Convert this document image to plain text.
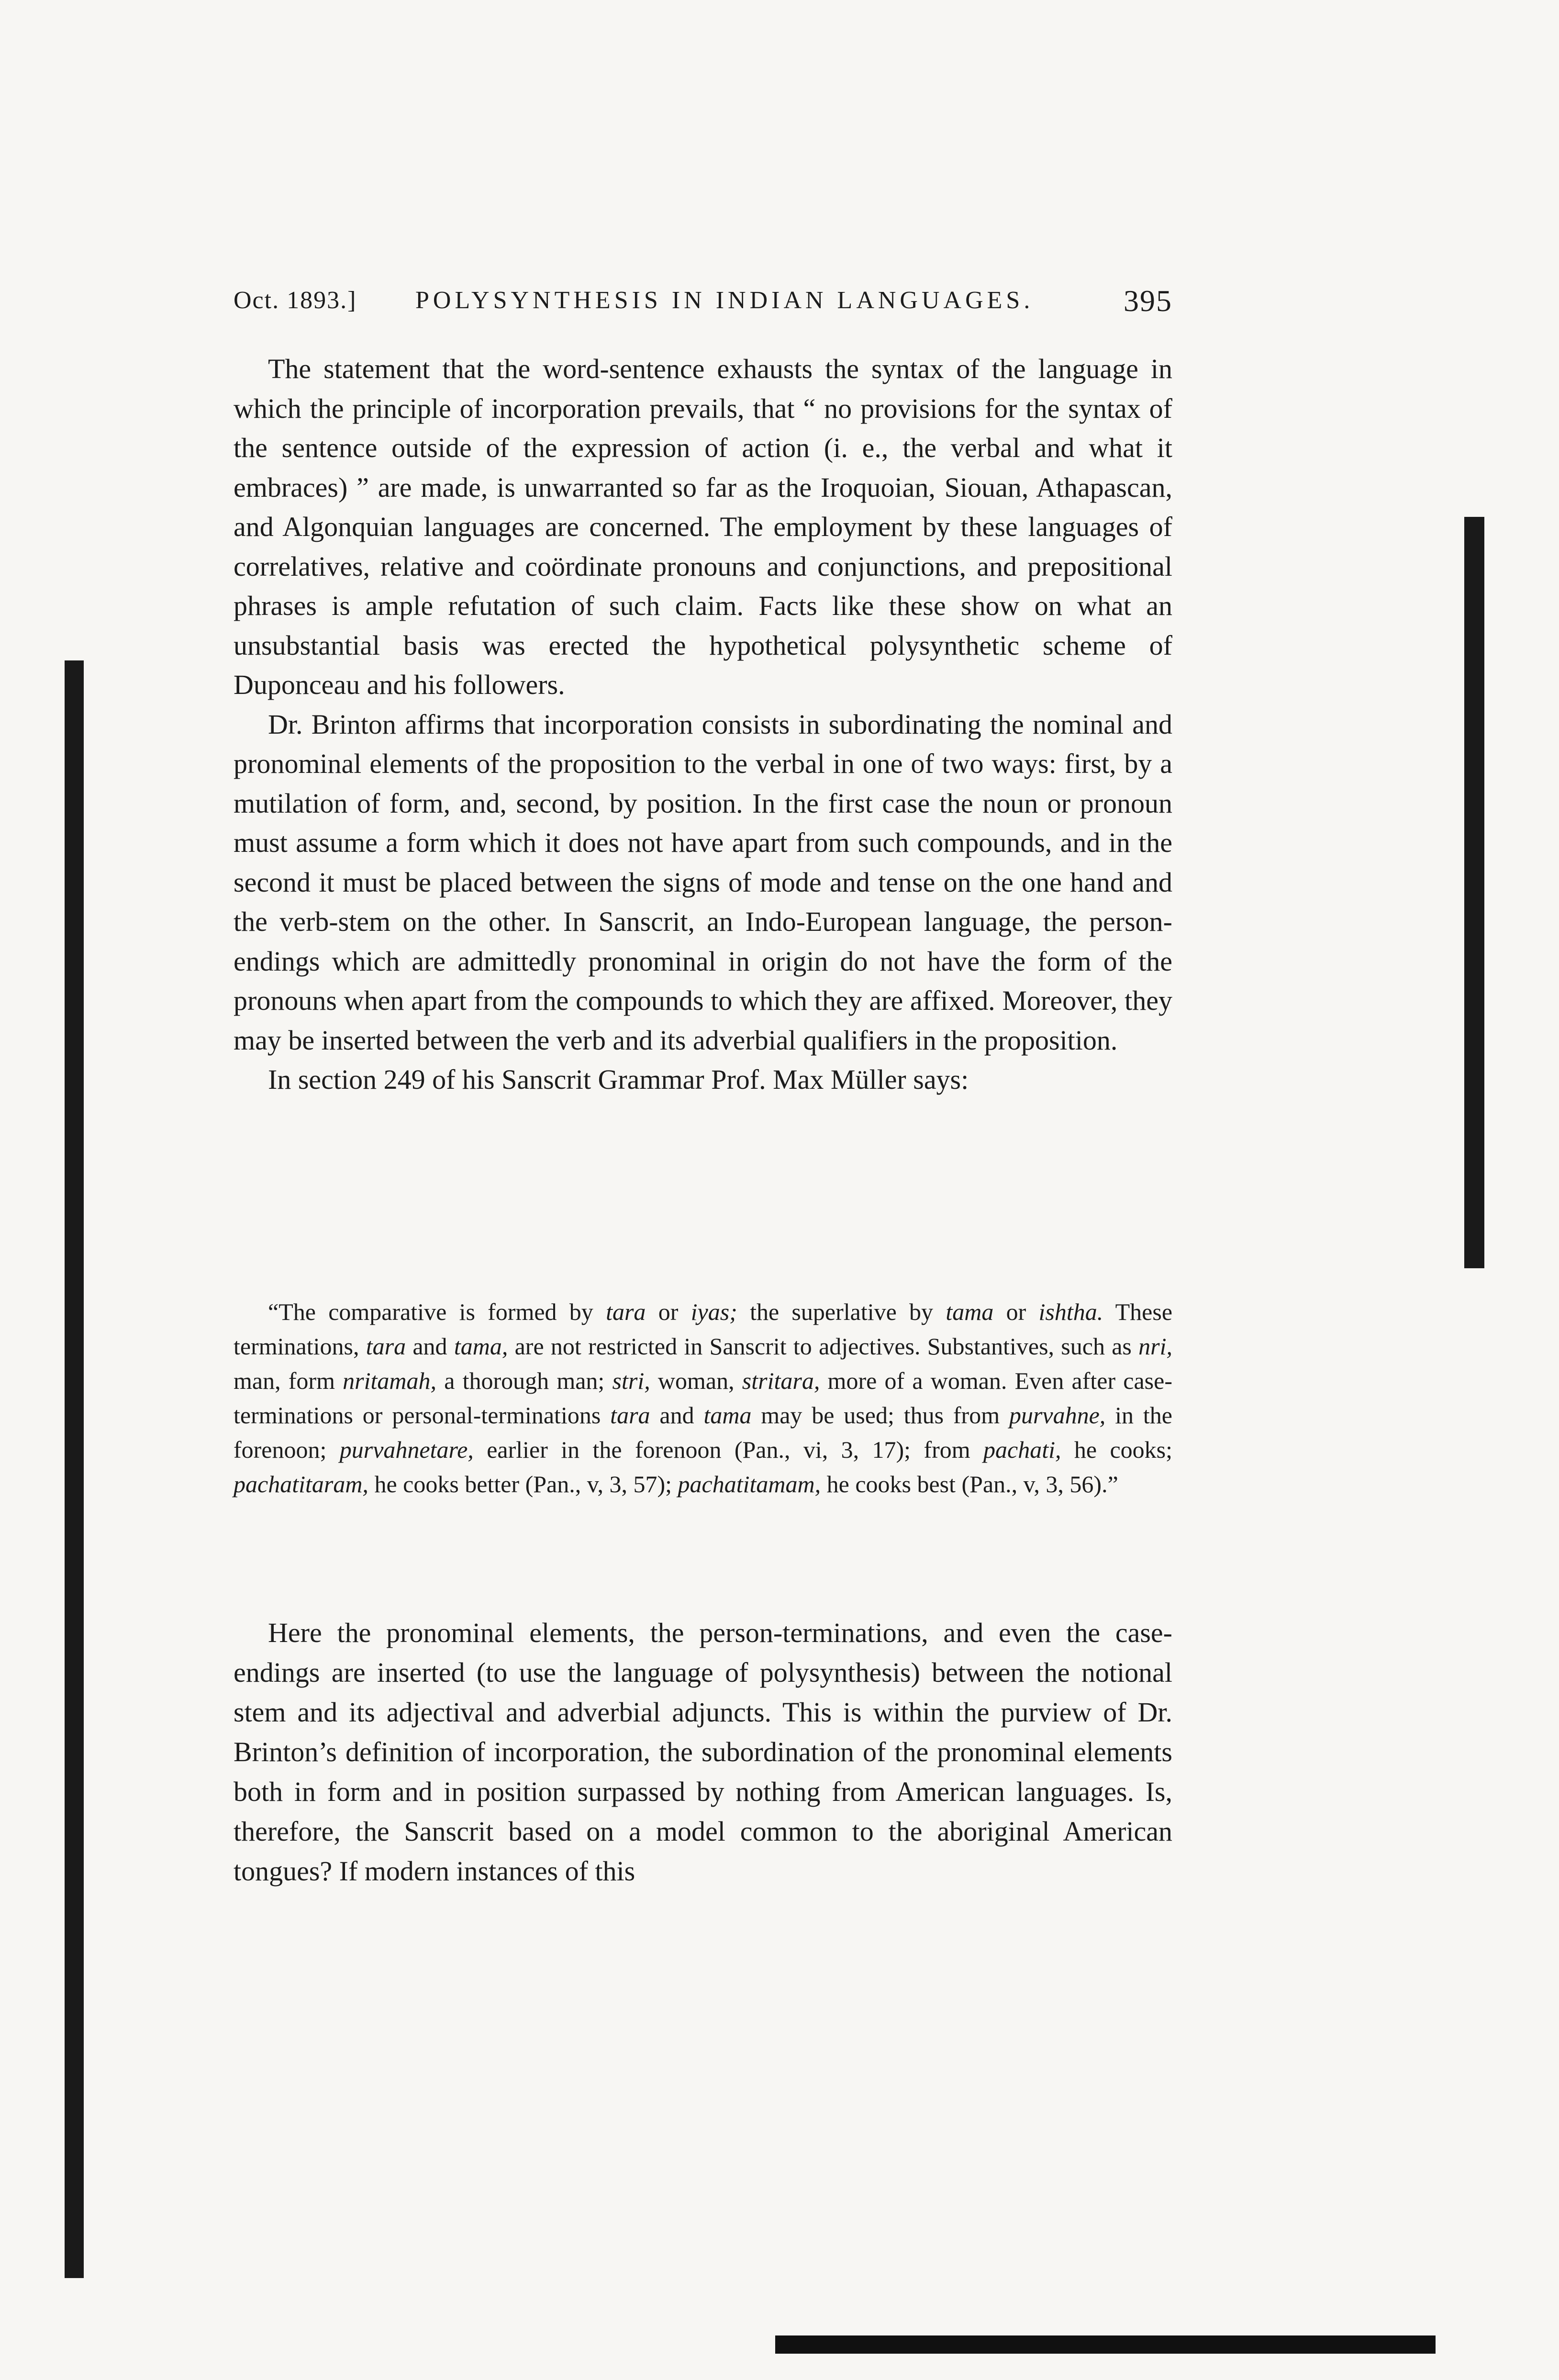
Oct. 1893.] POLYSYNTHESIS IN INDIAN LANGUAGES.	395

The statement that the word-sentence exhausts the syntax of the language in which the principle of incorporation prevails, that “ no provisions for the syntax of the sentence outside of the expression of action (i. e., the verbal and what it embraces) ” are made, is unwarranted so far as the Iroquoian, Siouan, Athapascan, and Algonquian languages are concerned. The employment by these languages of correlatives, relative and coördinate pronouns and conjunctions, and prepositional phrases is ample refutation of such claim. Facts like these show on what an unsubstantial basis was erected the hypothetical polysynthetic scheme of Duponceau and his followers.

Dr. Brinton affirms that incorporation consists in subordinating the nominal and pronominal elements of the proposition to the verbal in one of two ways: first, by a mutilation of form, and, second, by position. In the first case the noun or pronoun must assume a form which it does not have apart from such compounds, and in the second it must be placed between the signs of mode and tense on the one hand and the verb-stem on the other. In Sanscrit, an Indo-European language, the person-endings which are admittedly pronominal in origin do not have the form of the pronouns when apart from the compounds to which they are affixed. Moreover, they may be inserted between the verb and its adverbial qualifiers in the proposition.

In section 249 of his Sanscrit Grammar Prof. Max Müller says:

“The comparative is formed by tara or iyas; the superlative by tama or ishtha. These terminations, tara and tama, are not restricted in Sanscrit to adjectives. Substantives, such as nri, man, form nritamah, a thorough man; stri, woman, stritara, more of a woman. Even after case-terminations or personal-terminations tara and tama may be used; thus from purvahne, in the forenoon; purvahnetare, earlier in the forenoon (Pan., vi, 3, 17); from pachati, he cooks; pachatitaram, he cooks better (Pan., v, 3, 57); pachatitamam, he cooks best (Pan., v, 3, 56).”

Here the pronominal elements, the person-terminations, and even the case-endings are inserted (to use the language of polysynthesis) between the notional stem and its adjectival and adverbial adjuncts. This is within the purview of Dr. Brinton’s definition of incorporation, the subordination of the pronominal elements both in form and in position surpassed by nothing from American languages. Is, therefore, the Sanscrit based on a model common to the aboriginal American tongues? If modern instances of this
